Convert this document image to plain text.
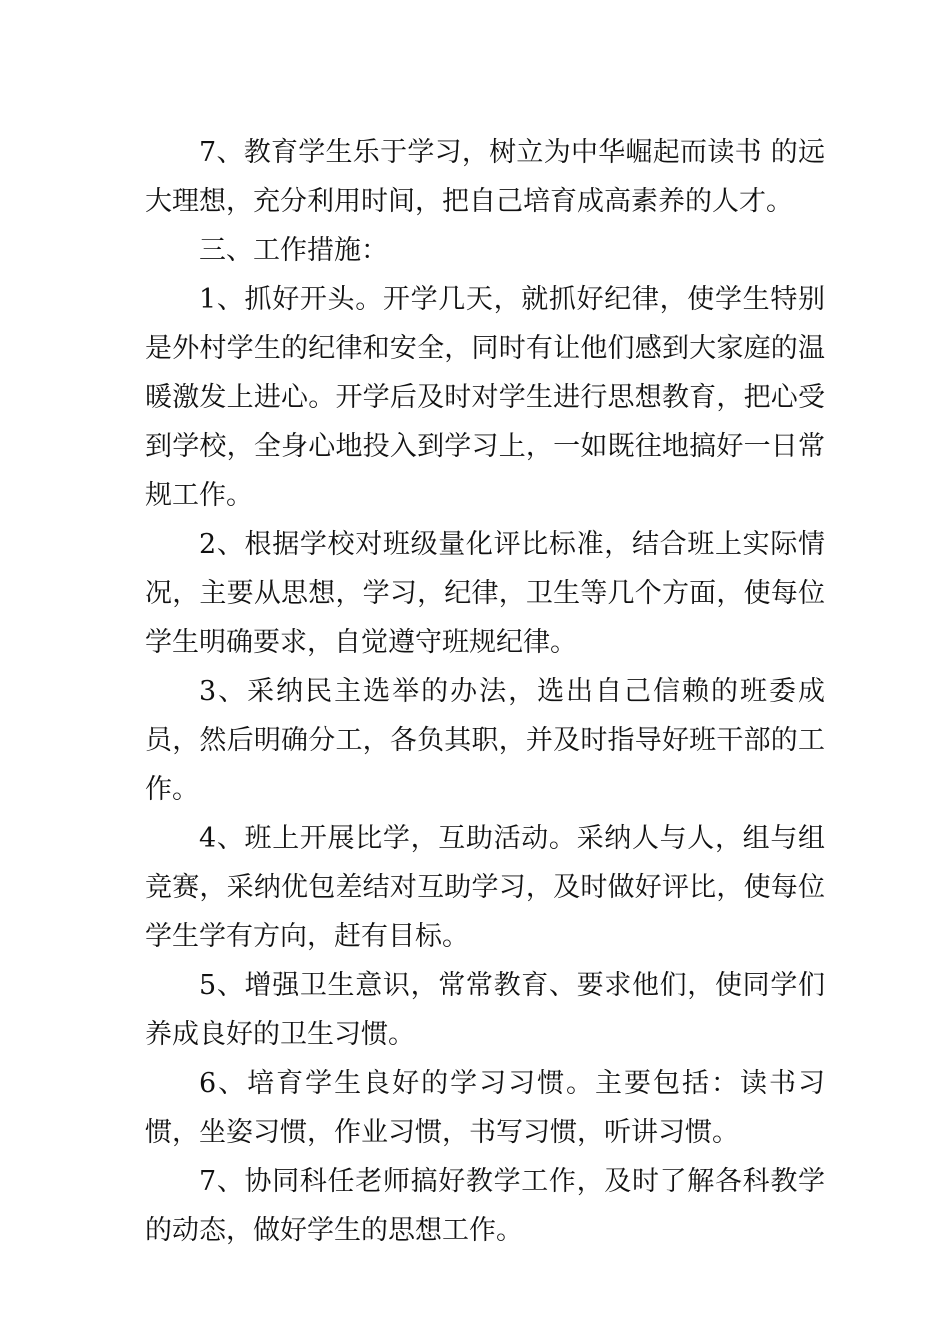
7、教育学生乐于学习，树立为中华崛起而读书 的远大理想，充分利用时间，把自己培育成高素养的人才。

三、工作措施：

1、抓好开头。开学几天，就抓好纪律，使学生特别是外村学生的纪律和安全，同时有让他们感到大家庭的温暖激发上进心。开学后及时对学生进行思想教育，把心受到学校，全身心地投入到学习上，一如既往地搞好一日常规工作。

2、根据学校对班级量化评比标准，结合班上实际情况，主要从思想，学习，纪律，卫生等几个方面，使每位学生明确要求，自觉遵守班规纪律。

3、采纳民主选举的办法，选出自己信赖的班委成员，然后明确分工，各负其职，并及时指导好班干部的工作。

4、班上开展比学，互助活动。采纳人与人，组与组竞赛，采纳优包差结对互助学习，及时做好评比，使每位学生学有方向，赶有目标。

5、增强卫生意识，常常教育、要求他们，使同学们养成良好的卫生习惯。

6、培育学生良好的学习习惯。主要包括：读书习惯，坐姿习惯，作业习惯，书写习惯，听讲习惯。

7、协同科任老师搞好教学工作，及时了解各科教学的动态，做好学生的思想工作。
